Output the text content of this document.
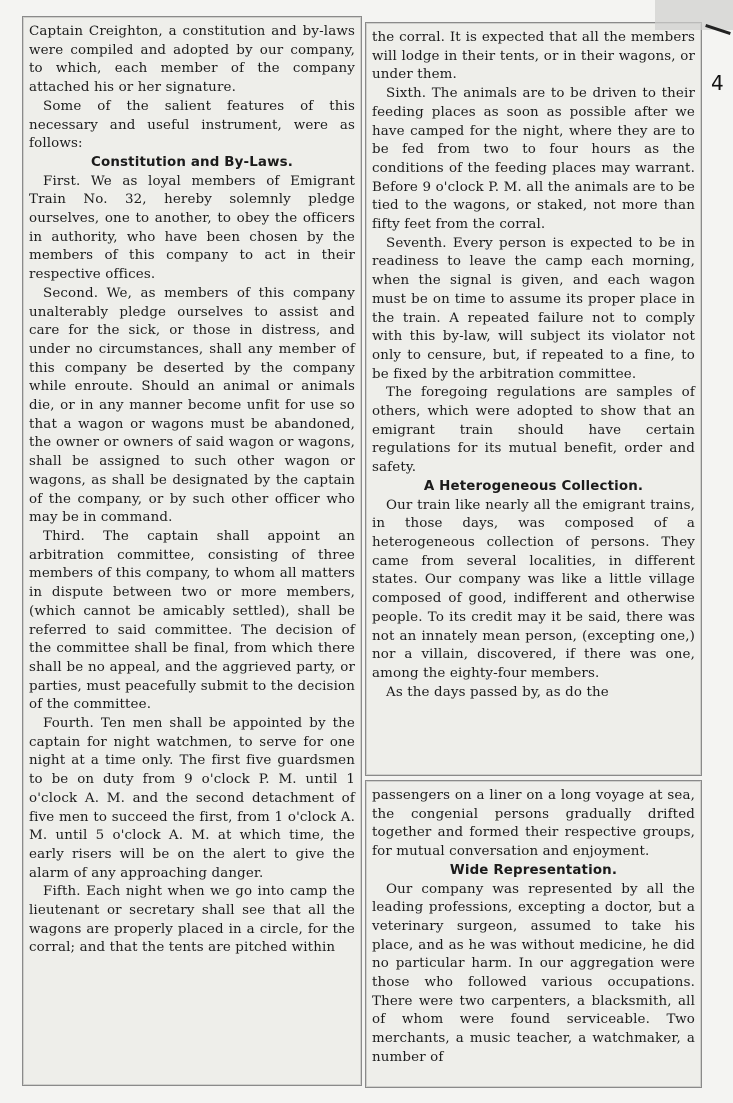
Captain Creighton, a constitution and by-laws were compiled and adopted by our company, to which, each member of the company attached his or her signature.

Some of the salient features of this necessary and useful instrument, were as follows:

Constitution and By-Laws.

First. We as loyal members of Emigrant Train No. 32, hereby solemnly pledge ourselves, one to another, to obey the officers in authority, who have been chosen by the members of this company to act in their respective offices.

Second. We, as members of this company unalterably pledge ourselves to assist and care for the sick, or those in distress, and under no circumstances, shall any member of this company be deserted by the company while enroute. Should an animal or animals die, or in any manner become unfit for use so that a wagon or wagons must be abandoned, the owner or owners of said wagon or wagons, shall be assigned to such other wagon or wagons, as shall be designated by the captain of the company, or by such other officer who may be in command.

Third. The captain shall appoint an arbitration committee, consisting of three members of this company, to whom all matters in dispute between two or more members, (which cannot be amicably settled), shall be referred to said committee. The decision of the committee shall be final, from which there shall be no appeal, and the aggrieved party, or parties, must peacefully submit to the decision of the committee.

Fourth. Ten men shall be appointed by the captain for night watchmen, to serve for one night at a time only. The first five guardsmen to be on duty from 9 o'clock P. M. until 1 o'clock A. M. and the second detachment of five men to succeed the first, from 1 o'clock A. M. until 5 o'clock A. M. at which time, the early risers will be on the alert to give the alarm of any approaching danger.

Fifth. Each night when we go into camp the lieutenant or secretary shall see that all the wagons are properly placed in a circle, for the corral; and that the tents are pitched within

the corral. It is expected that all the members will lodge in their tents, or in their wagons, or under them.

Sixth. The animals are to be driven to their feeding places as soon as possible after we have camped for the night, where they are to be fed from two to four hours as the conditions of the feeding places may warrant. Before 9 o'clock P. M. all the animals are to be tied to the wagons, or staked, not more than fifty feet from the corral.

Seventh. Every person is expected to be in readiness to leave the camp each morning, when the signal is given, and each wagon must be on time to assume its proper place in the train. A repeated failure not to comply with this by-law, will subject its violator not only to censure, but, if repeated to a fine, to be fixed by the arbitration committee.

The foregoing regulations are samples of others, which were adopted to show that an emigrant train should have certain regulations for its mutual benefit, order and safety.

A Heterogeneous Collection.

Our train like nearly all the emigrant trains, in those days, was composed of a heterogeneous collection of persons. They came from several localities, in different states. Our company was like a little village composed of good, indifferent and otherwise people. To its credit may it be said, there was not an innately mean person, (excepting one,) nor a villain, discovered, if there was one, among the eighty-four members.

As the days passed by, as do the

passengers on a liner on a long voyage at sea, the congenial persons gradually drifted together and formed their respective groups, for mutual conversation and enjoyment.

Wide Representation.

Our company was represented by all the leading professions, excepting a doctor, but a veterinary surgeon, assumed to take his place, and as he was without medicine, he did no particular harm. In our aggregation were those who followed various occupations. There were two carpenters, a blacksmith, all of whom were found serviceable. Two merchants, a music teacher, a watchmaker, a number of

4
